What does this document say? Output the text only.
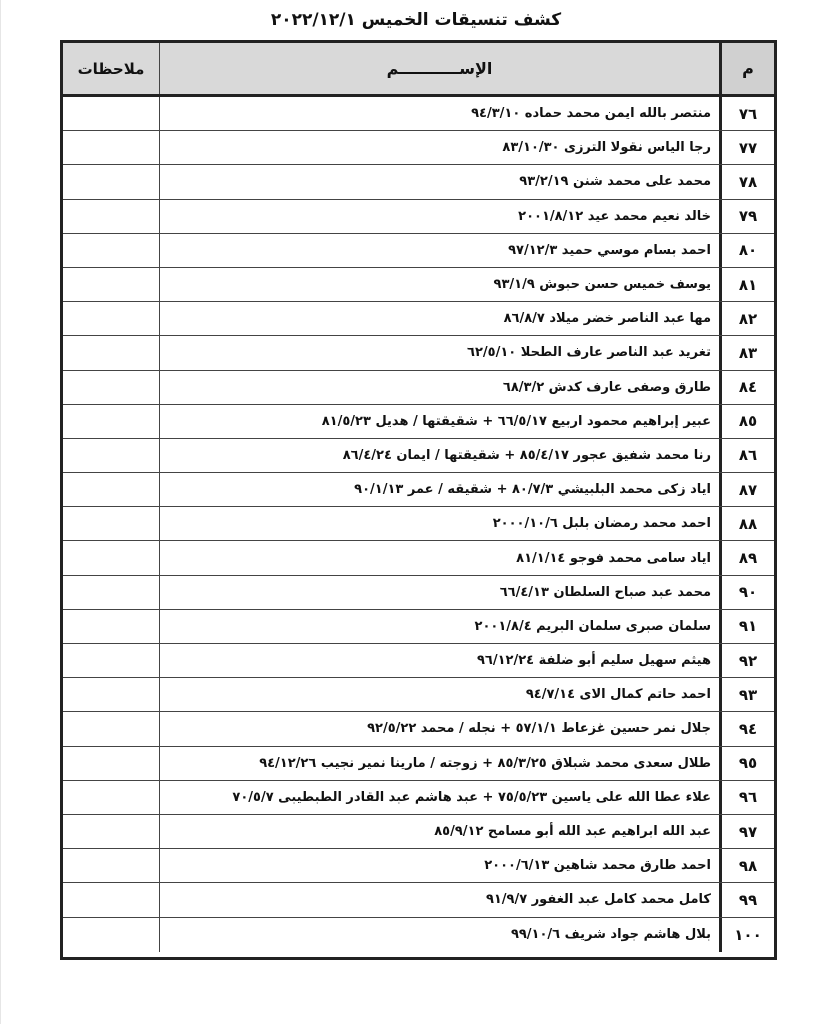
كشف تنسيقات الخميس ٢٠٢٢/١٢/١
م
الإســـــــــــم
ملاحظات
٧٦
منتصر بالله ايمن محمد حماده ٩٤/٣/١٠
٧٧
رجا الياس نقولا الترزى ٨٣/١٠/٣٠
٧٨
محمد على محمد شنن ٩٣/٢/١٩
٧٩
خالد نعيم محمد عيد ٢٠٠١/٨/١٢
٨٠
احمد بسام موسي حميد ٩٧/١٢/٣
٨١
يوسف خميس حسن حبوش ٩٣/١/٩
٨٢
مها عبد الناصر خضر ميلاد ٨٦/٨/٧
٨٣
تغريد عبد الناصر عارف الطحلا ٦٢/٥/١٠
٨٤
طارق وصفى عارف كدش ٦٨/٣/٢
٨٥
عبير إبراهيم محمود اربيع ٦٦/٥/١٧ + شقيقتها / هديل ٨١/٥/٢٣
٨٦
رنا محمد شفيق عجور ٨٥/٤/١٧ + شقيقتها / ايمان ٨٦/٤/٢٤
٨٧
اياد زكى محمد البلبيشي ٨٠/٧/٣ + شقيقه / عمر ٩٠/١/١٣
٨٨
احمد محمد رمضان بلبل ٢٠٠٠/١٠/٦
٨٩
اياد سامى محمد فوجو ٨١/١/١٤
٩٠
محمد عبد صباح السلطان ٦٦/٤/١٣
٩١
سلمان صبرى سلمان البريم ٢٠٠١/٨/٤
٩٢
هيثم سهيل سليم أبو ضلفة ٩٦/١٢/٢٤
٩٣
احمد حاتم كمال الاى ٩٤/٧/١٤
٩٤
جلال نمر حسين غزعاط ٥٧/١/١ + نجله / محمد ٩٢/٥/٢٢
٩٥
طلال سعدى محمد شبلاق ٨٥/٣/٢٥ + زوجته / مارينا نمير نجيب ٩٤/١٢/٢٦
٩٦
علاء عطا الله على ياسين ٧٥/٥/٢٣ + عبد هاشم عبد القادر الطبطيبى ٧٠/٥/٧
٩٧
عبد الله ابراهيم عبد الله أبو مسامح ٨٥/٩/١٢
٩٨
احمد طارق محمد شاهين ٢٠٠٠/٦/١٣
٩٩
كامل محمد كامل عبد الغفور ٩١/٩/٧
١٠٠
بلال هاشم جواد شريف ٩٩/١٠/٦
